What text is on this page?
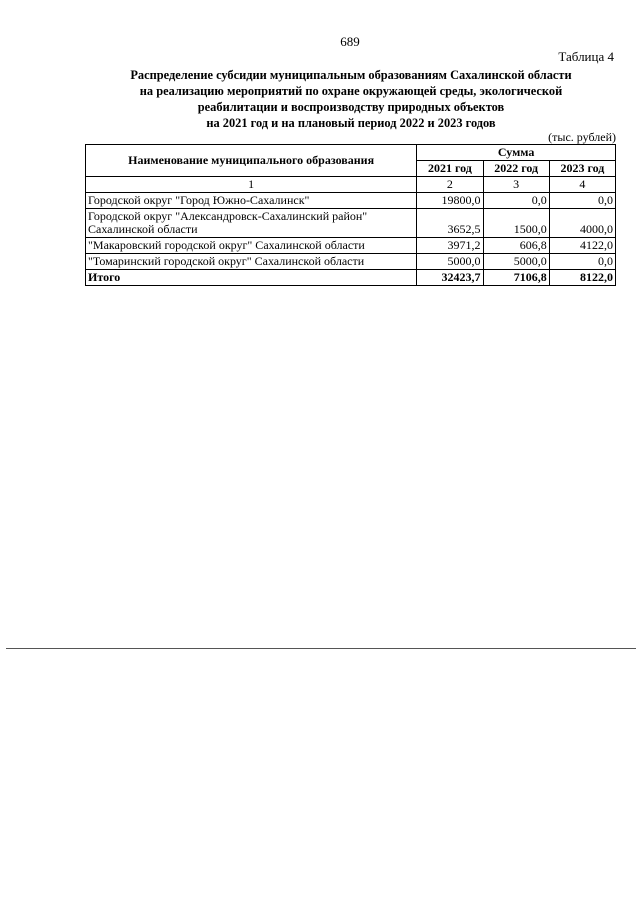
689
Таблица 4
Распределение субсидии муниципальным образованиям Сахалинской области
на реализацию мероприятий по охране окружающей среды, экологической
реабилитации и воспроизводству природных объектов
на 2021 год и на плановый период 2022 и 2023 годов
(тыс. рублей)
Наименование муниципального образования	Сумма		
	2021 год	2022 год	2023 год
1	2	3	4
Городской округ "Город Южно-Сахалинск"	19800,0	0,0	0,0

Городской округ "Александровск-Сахалинский район"
Сахалинской области	3652,5	1500,0	4000,0
"Макаровский городской округ" Сахалинской области	3971,2	606,8	4122,0
"Томаринский городской округ" Сахалинской области	5000,0	5000,0	0,0
Итого	32423,7	7106,8	8122,0
